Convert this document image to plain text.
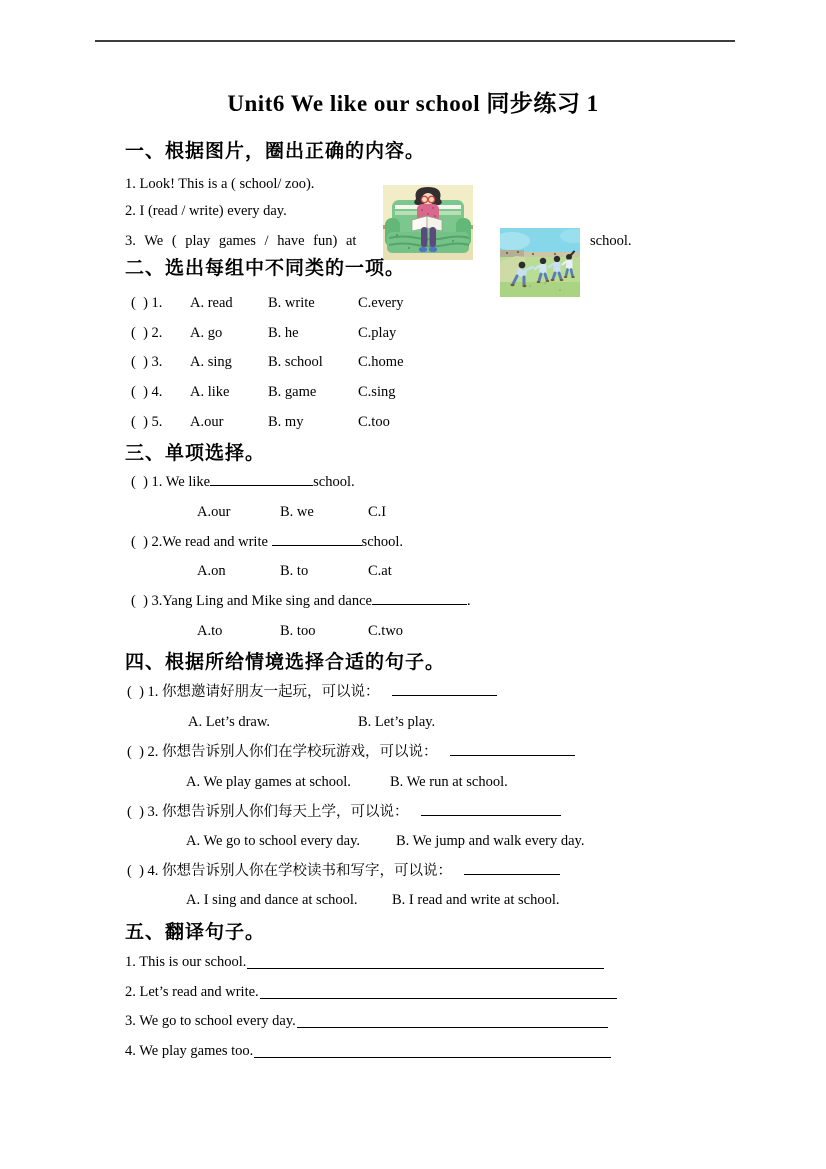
Unit6 We like our school 同步练习 1
一、根据图片，圈出正确的内容。
1. Look! This is a ( school/ zoo).
2. I (read / write) every day.
3. We ( play games / have fun) at	school.
二、选出每组中不同类的一项。
(  ) 1. A. read B. write	C.every
(  ) 2. A. go	B. he	C.play
(  ) 3. A. sing B. school C.home
(  ) 4. A. like	B. game	C.sing
(  ) 5. A.our	B. my	C.too
三、单项选择。
(  ) 1. We like	school.
A.our	B. we	C.I
(  ) 2.We read and write	school.
A.on	B. to	C.at
(  ) 3.Yang Ling and Mike sing and dance	.
A.to	B. too	C.two
四、根据所给情境选择合适的句子。
(  ) 1. 你想邀请好朋友一起玩，可以说：
A. Let’s draw.	B. Let’s play.
(  ) 2. 你想告诉别人你们在学校玩游戏，可以说：
A. We play games at school.	B. We run at school.
(  ) 3. 你想告诉别人你们每天上学，可以说：
A. We go to school every day. B. We jump and walk every day.
(  ) 4. 你想告诉别人你在学校读书和写字，可以说：
A. I sing and dance at school. B. I read and write at school.
五、翻译句子。
1. This is our school.
2. Let’s read and write.
3. We go to school every day.
4. We play games too.
